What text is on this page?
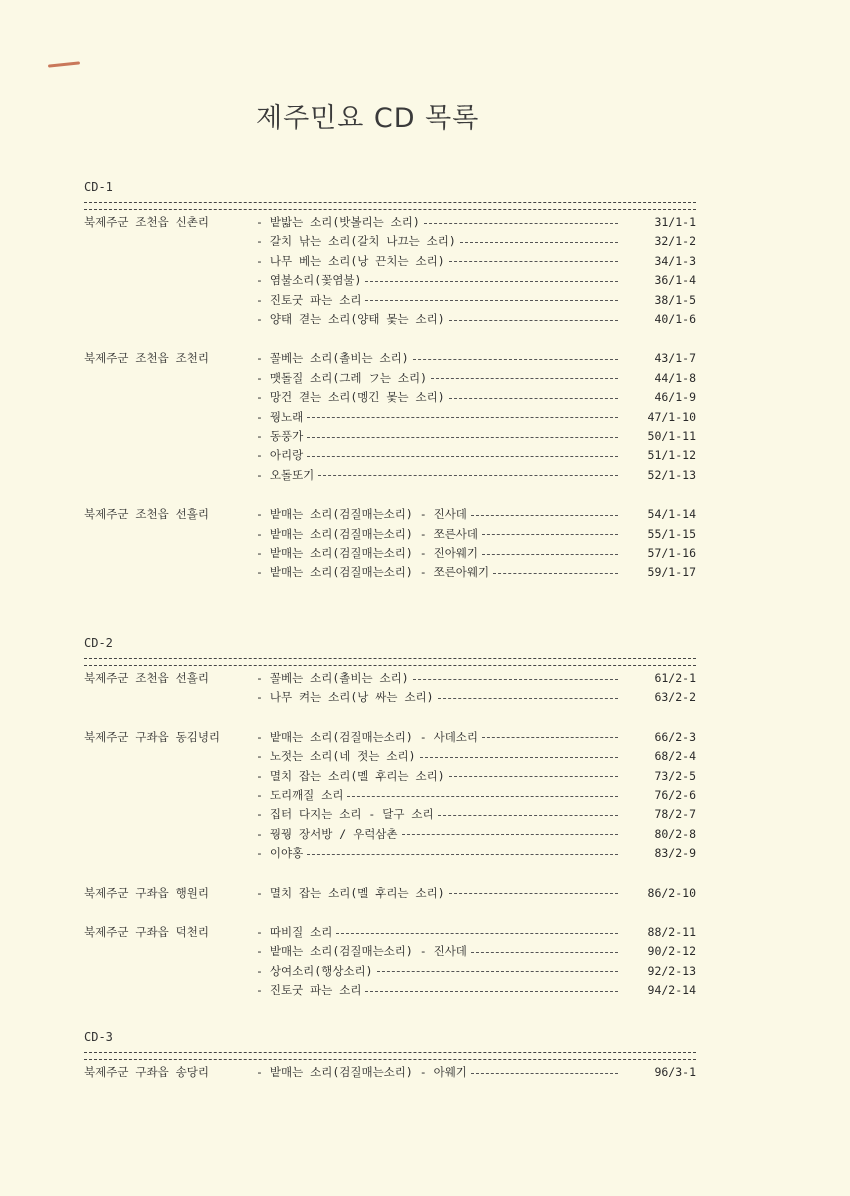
제주민요 CD 목록
CD-1
북제주군 조천읍 신촌리	- 밭밟는 소리(밧볼리는 소리)	31/1-1
- 갈치 낚는 소리(갈치 나끄는 소리)	32/1-2
- 나무 베는 소리(낭 끈치는 소리)	34/1-3
- 염불소리(꽃염불)	36/1-4
- 진토굿 파는 소리	38/1-5
- 양태 겯는 소리(양태 몿는 소리)	40/1-6
북제주군 조천읍 조천리	- 꼴베는 소리(촐비는 소리)	43/1-7
- 맷돌질 소리(그레 フ는 소리)	44/1-8
- 망건 겯는 소리(멩긴 몿는 소리)	46/1-9
- 꿩노래	47/1-10
- 동풍가	50/1-11
- 아리랑	51/1-12
- 오돌또기	52/1-13
북제주군 조천읍 선흘리	- 밭매는 소리(검질매는소리) - 진사데	54/1-14
- 밭매는 소리(검질매는소리) - 쪼른사데	55/1-15
- 밭매는 소리(검질매는소리) - 진아웨기	57/1-16
- 밭매는 소리(검질매는소리) - 쪼른아웨기	59/1-17
CD-2
북제주군 조천읍 선흘리	- 꼴베는 소리(촐비는 소리)	61/2-1
- 나무 켜는 소리(낭 싸는 소리)	63/2-2
북제주군 구좌읍 동김녕리	- 밭매는 소리(검질매는소리) - 사데소리	66/2-3
- 노젓는 소리(네 젓는 소리)	68/2-4
- 멸치 잡는 소리(멜 후리는 소리)	73/2-5
- 도리깨질 소리	76/2-6
- 집터 다지는 소리 - 달구 소리	78/2-7
- 꿩꿩 장서방 / 우럭삼촌	80/2-8
- 이야홍	83/2-9
북제주군 구좌읍 행원리	- 멸치 잡는 소리(멜 후리는 소리)	86/2-10
북제주군 구좌읍 덕천리	- 따비질 소리	88/2-11
- 밭매는 소리(검질매는소리) - 진사데	90/2-12
- 상여소리(행상소리)	92/2-13
- 진토굿 파는 소리	94/2-14
CD-3
북제주군 구좌읍 송당리	- 밭매는 소리(검질매는소리) - 아웨기	96/3-1
